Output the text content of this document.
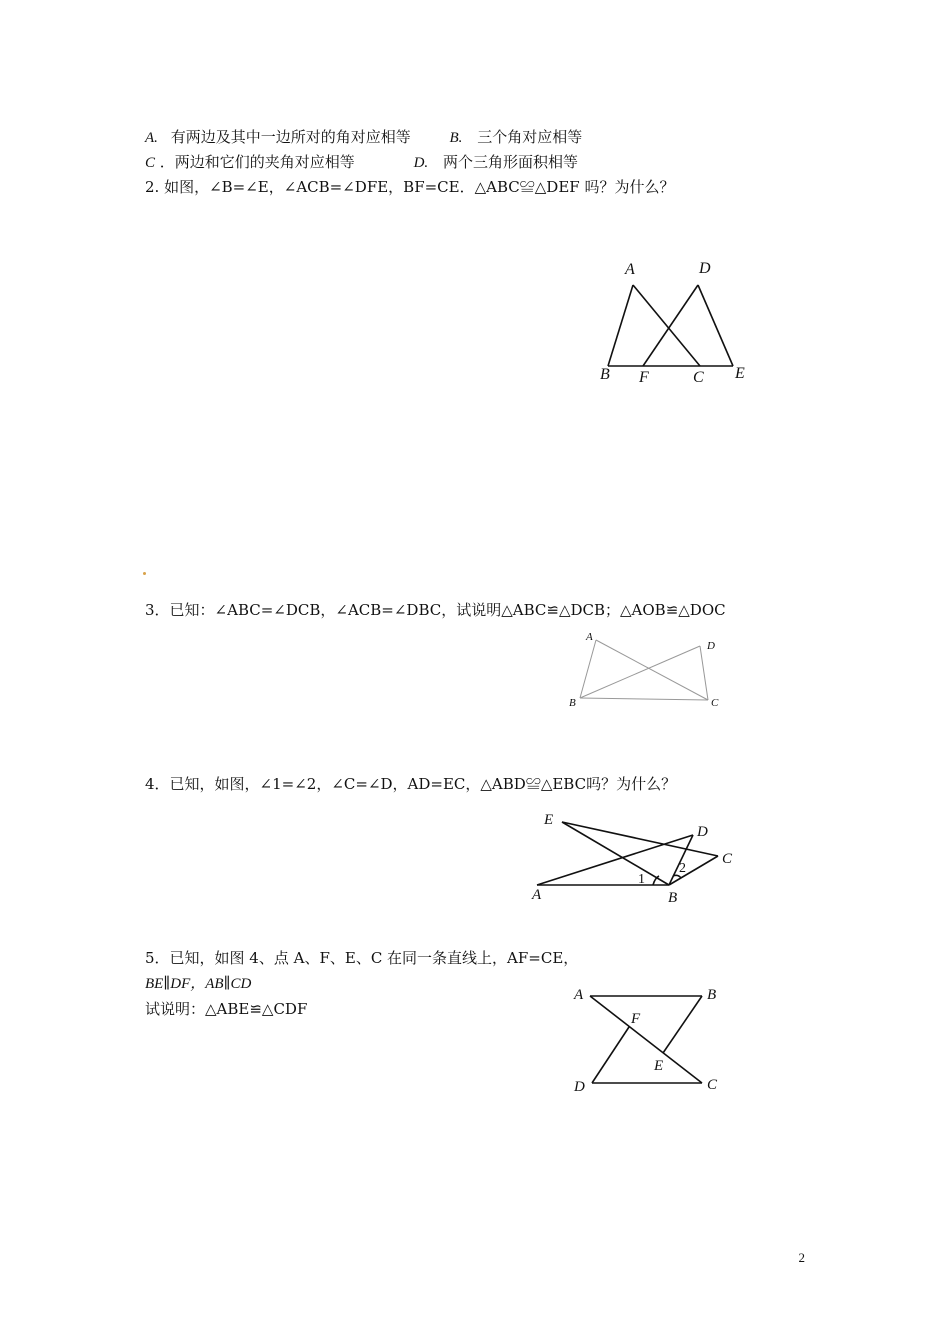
A. 有两边及其中一边所对的角对应相等	B. 三个角对应相等
C ．两边和它们的夹角对应相等	D. 两个三角形面积相等
2. 如图，∠B=∠E，∠ACB=∠DFE，BF=CE．△ABC≌△DEF 吗？为什么？
A	D
B F	C E
3．已知：∠ABC=∠DCB，∠ACB=∠DBC，试说明△ABC≌△DCB；△AOB≌△DOC
A
D
B	C
4．已知，如图，∠1=∠2，∠C=∠D，AD=EC，△ABD≌△EBC吗？为什么？
E
D
C
A	B
1
2
5．已知，如图 4、点 A、F、E、C 在同一条直线上，AF=CE，
BE∥DF，AB∥CD
试说明：△ABE≌△CDF
A	B
F
E
D	C
2
